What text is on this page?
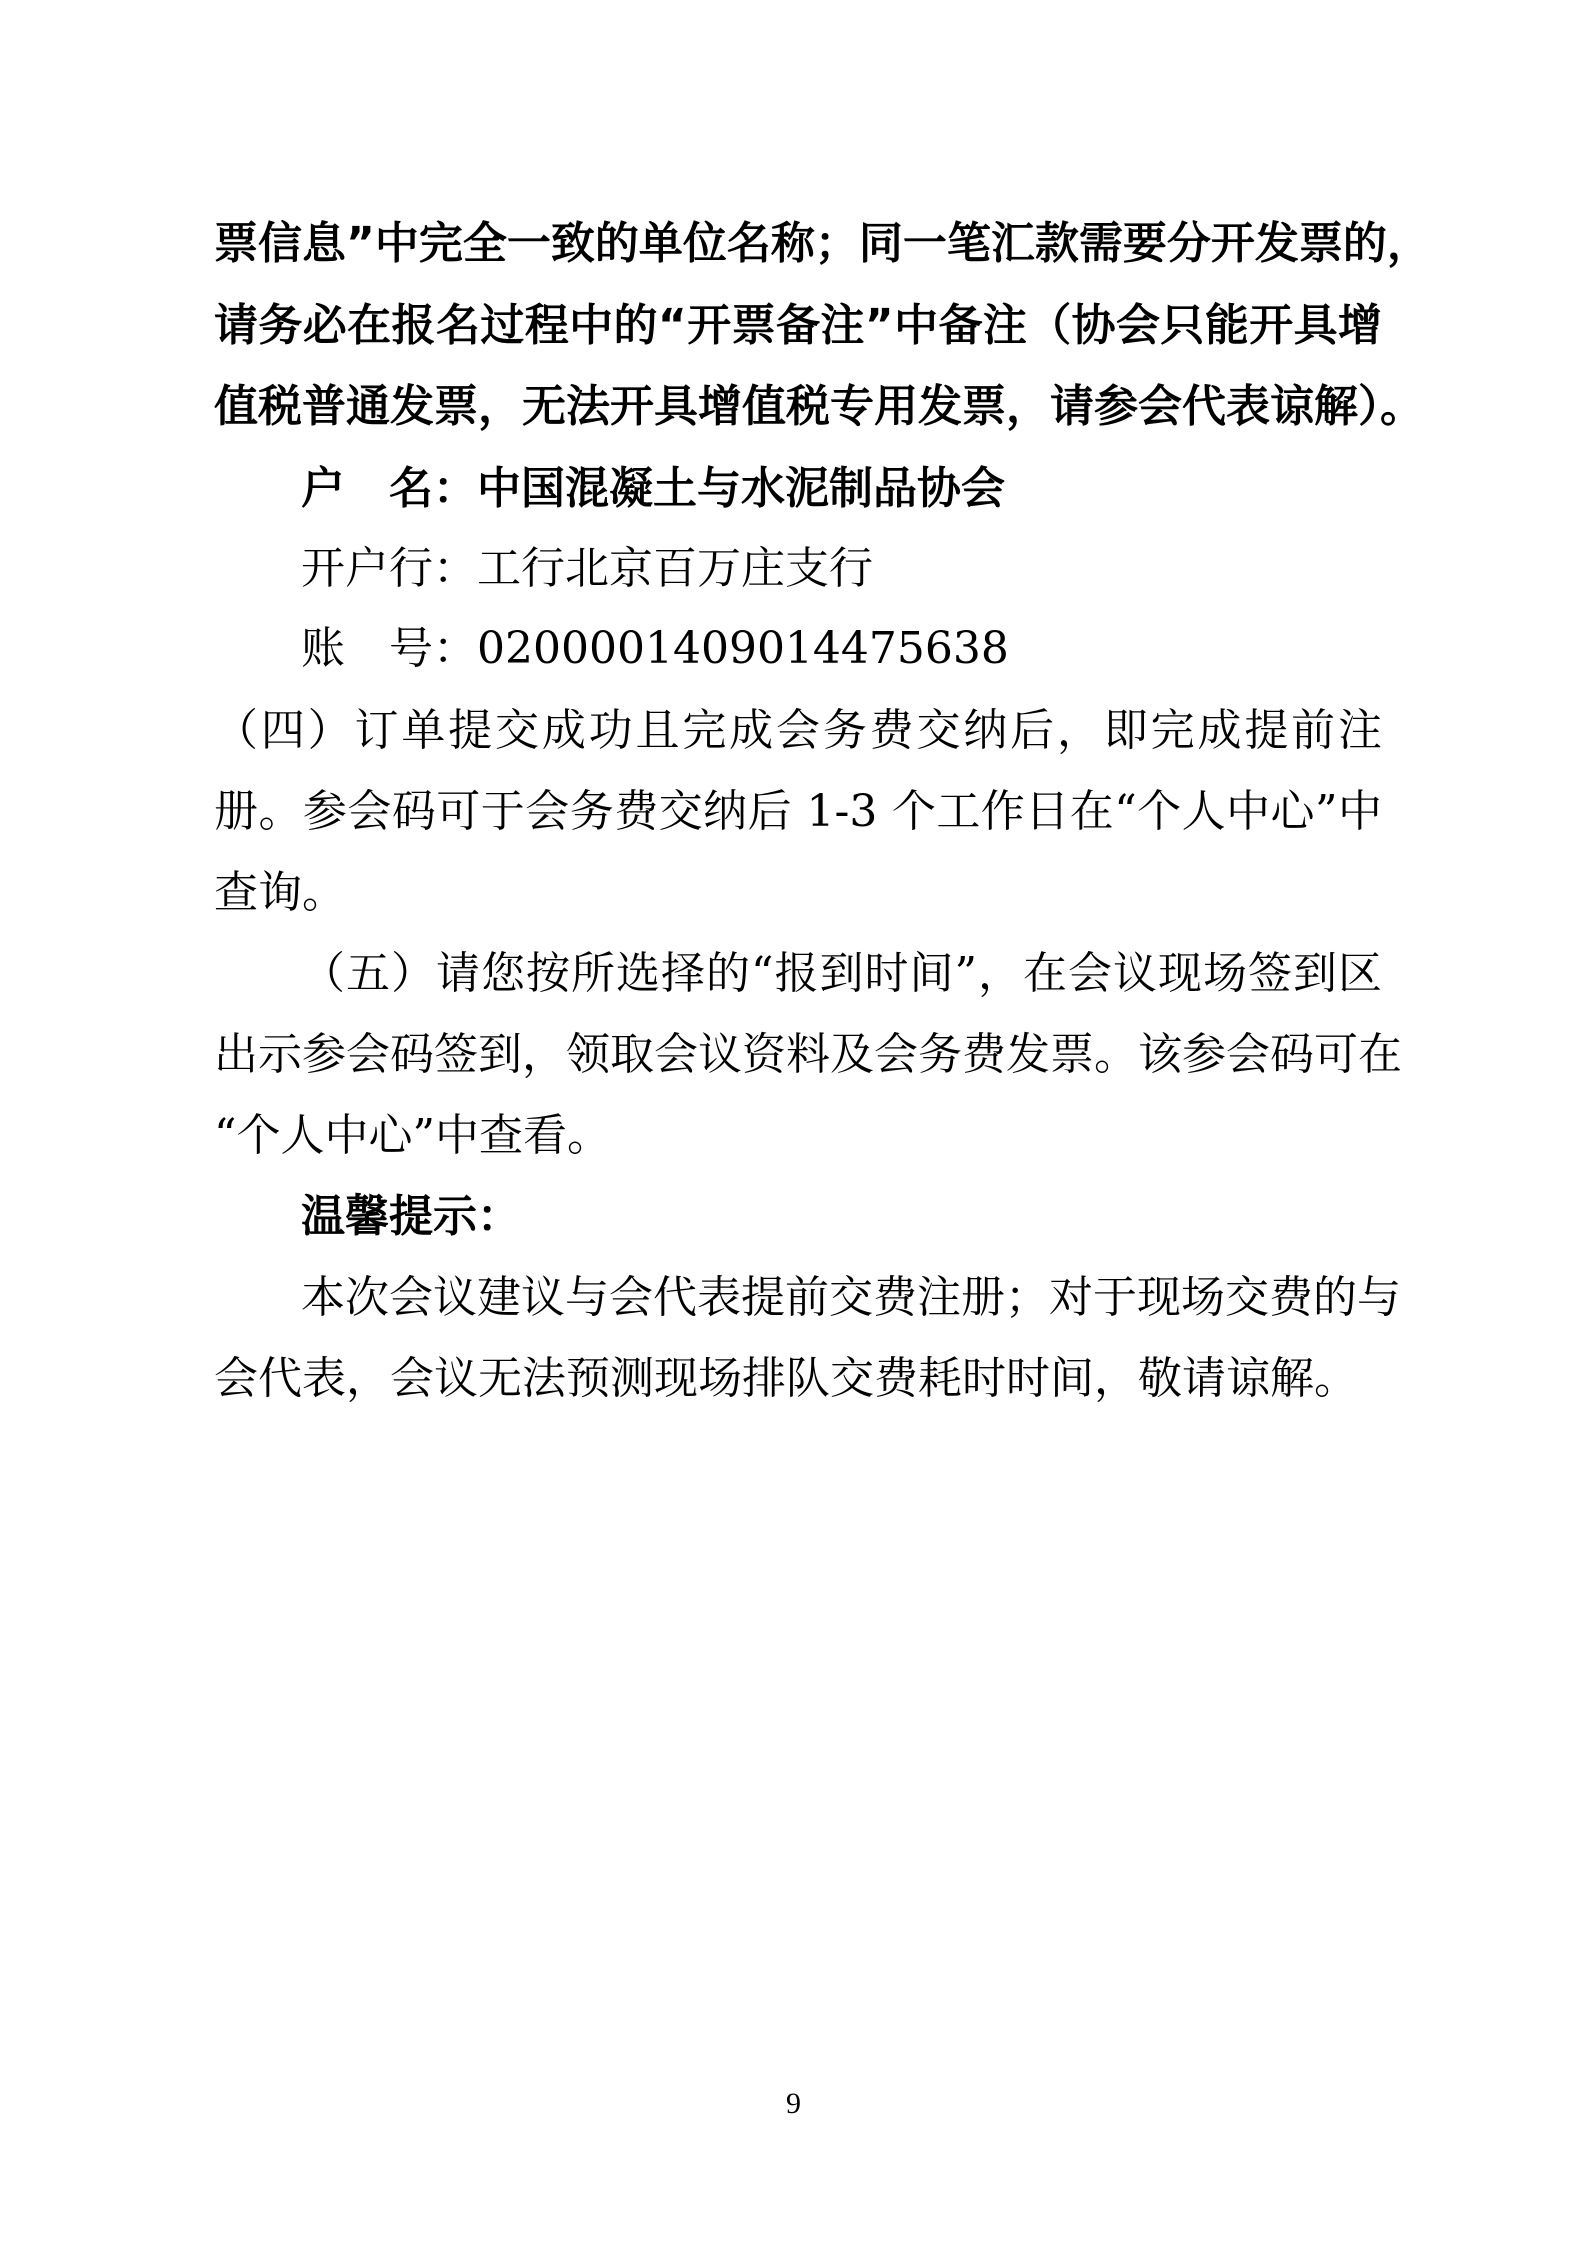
票信息”中完全一致的单位名称；同一笔汇款需要分开发票的，

请务必在报名过程中的“开票备注”中备注（协会只能开具增

值税普通发票，无法开具增值税专用发票，请参会代表谅解）。

户　名：中国混凝土与水泥制品协会

开户行：工行北京百万庄支行

账　号：0200001409014475638

（四）订单提交成功且完成会务费交纳后，即完成提前注

册。参会码可于会务费交纳后 1-3 个工作日在“个人中心”中

查询。

（五）请您按所选择的“报到时间”，在会议现场签到区

出示参会码签到，领取会议资料及会务费发票。该参会码可在

“个人中心”中查看。

温馨提示：

本次会议建议与会代表提前交费注册；对于现场交费的与

会代表，会议无法预测现场排队交费耗时时间，敬请谅解。

9
